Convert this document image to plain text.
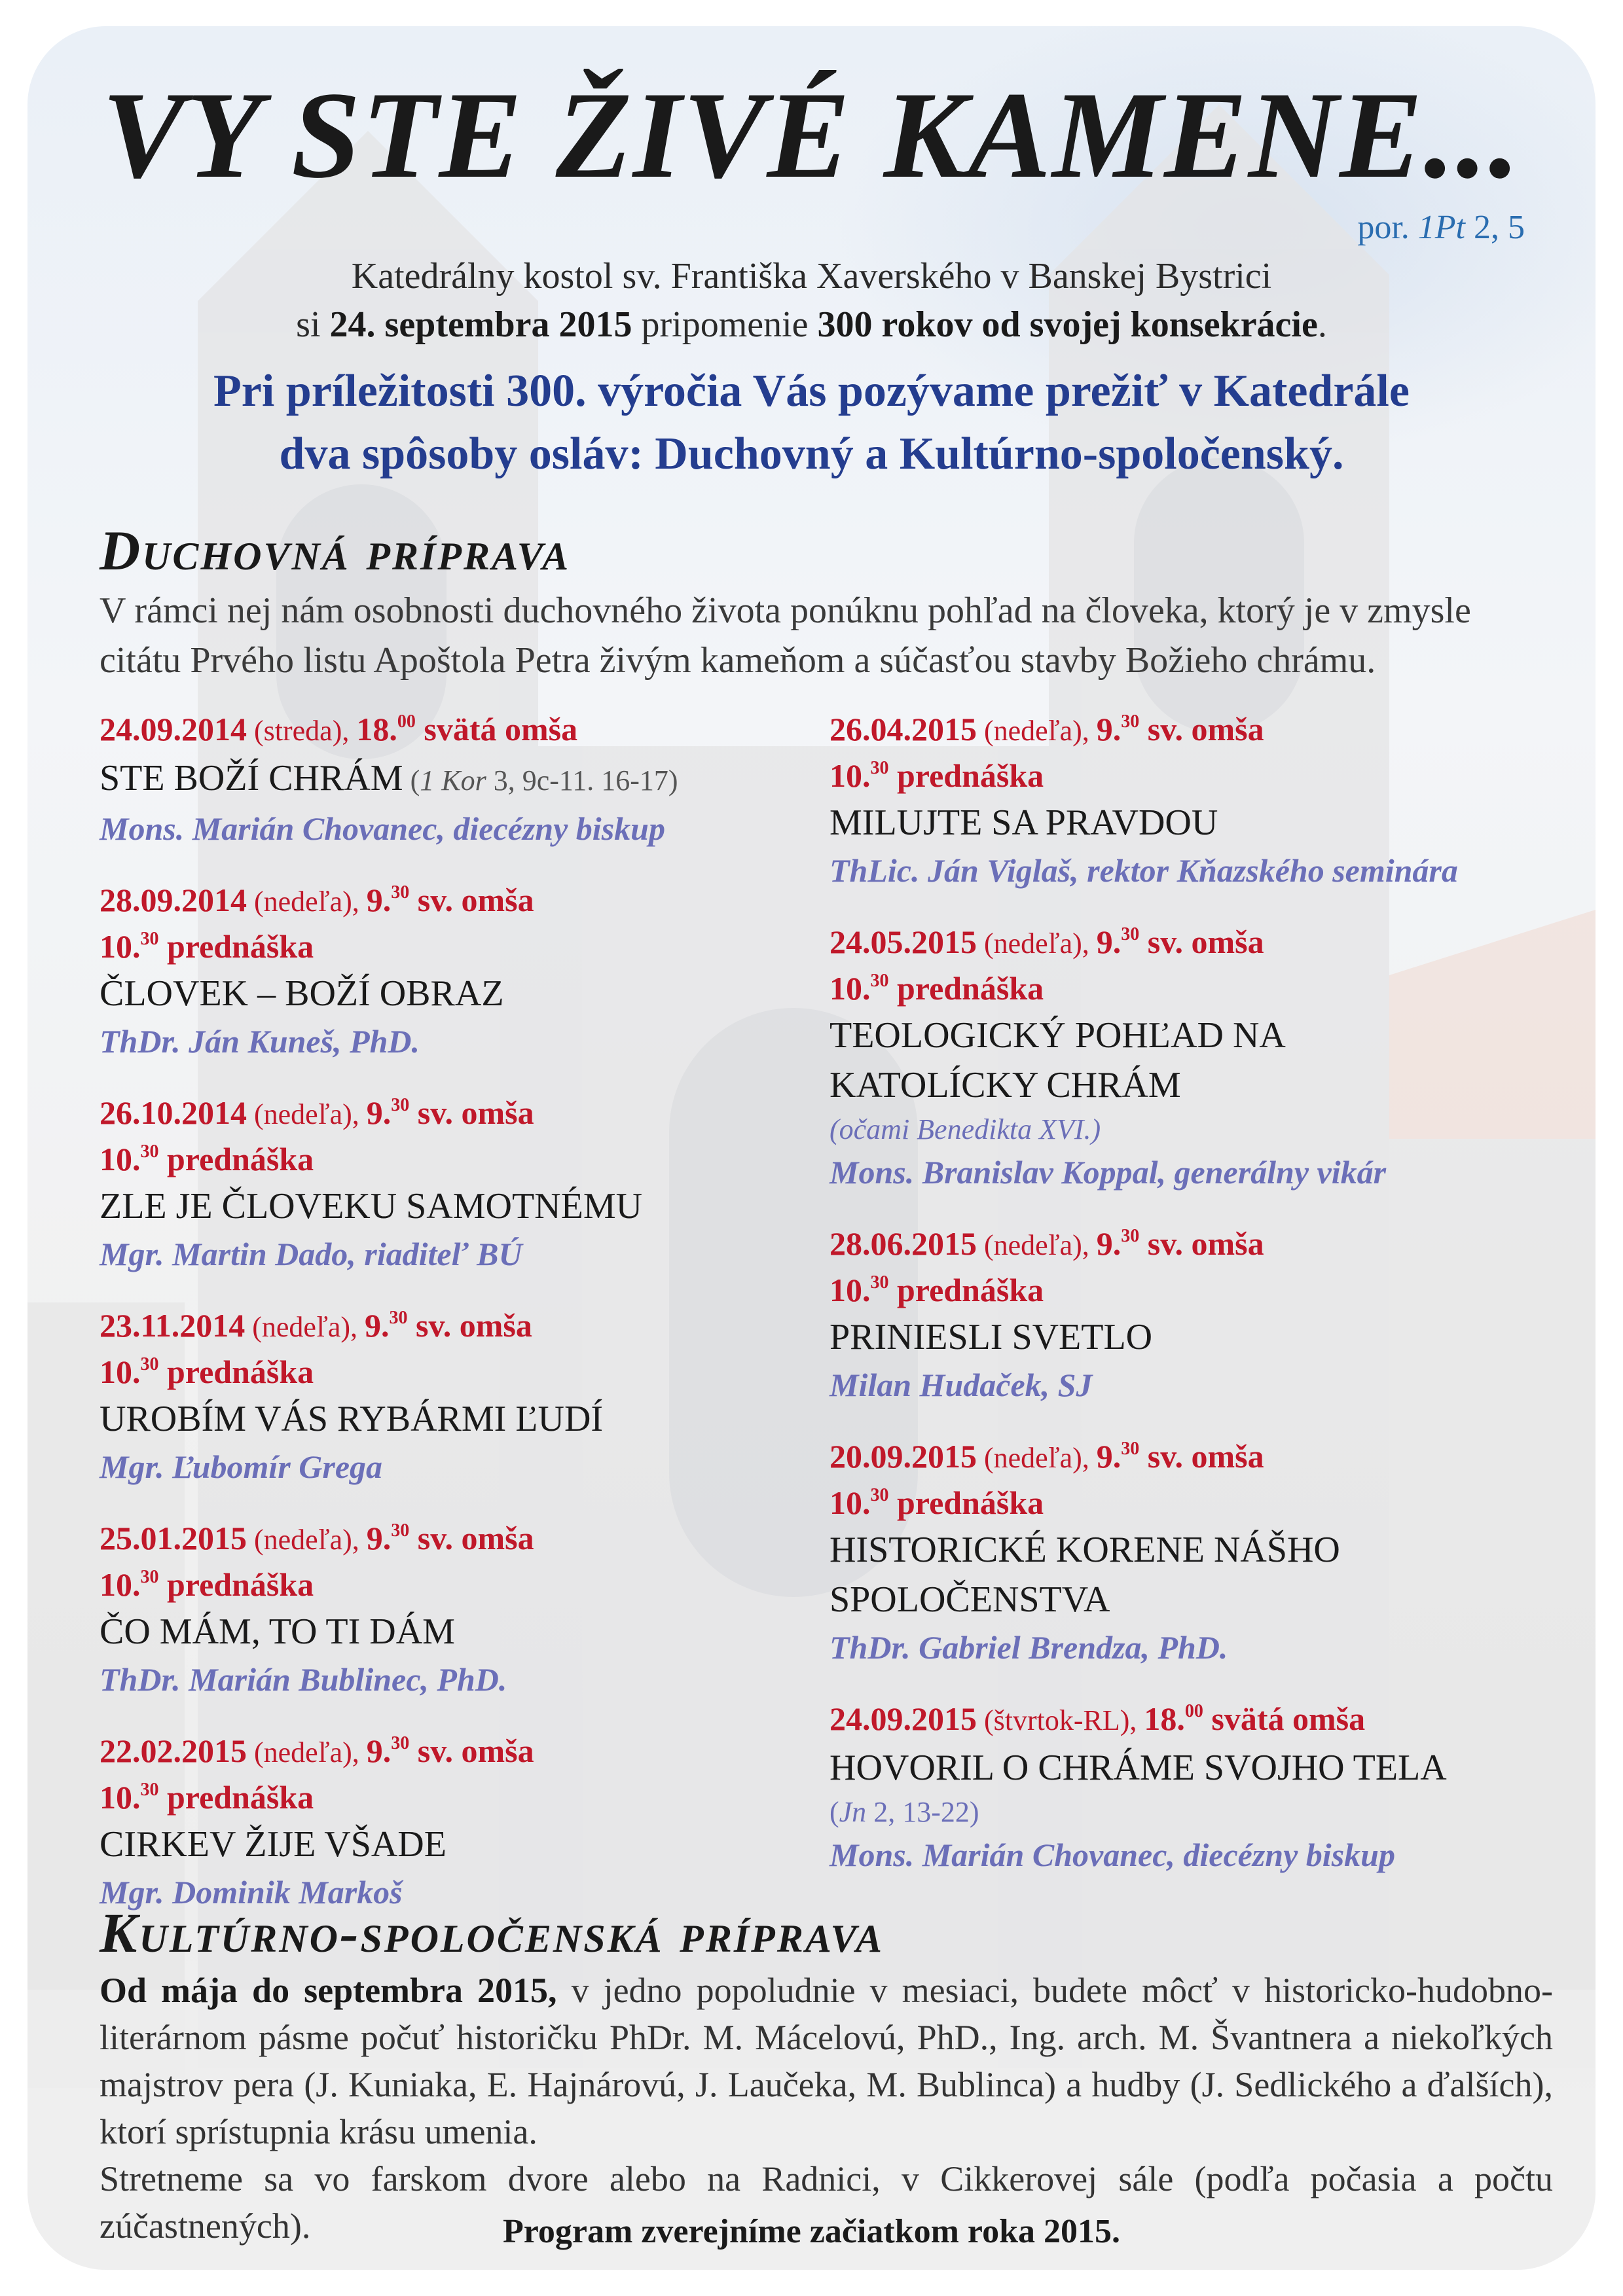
VY STE ŽIVÉ KAMENE...
por. 1Pt 2, 5
Katedrálny kostol sv. Františka Xaverského v Banskej Bystrici
si 24. septembra 2015 pripomenie 300 rokov od svojej konsekrácie.
Pri príležitosti 300. výročia Vás pozývame prežiť v Katedrále
dva spôsoby osláv: Duchovný a Kultúrno-spoločenský.
Duchovná príprava
V rámci nej nám osobnosti duchovného života ponúknu pohľad na človeka, ktorý je v zmysle
citátu Prvého listu Apoštola Petra živým kameňom a súčasťou stavby Božieho chrámu.
24.09.2014 (streda), 18.00 svätá omša
STE BOŽÍ CHRÁM (1 Kor 3, 9c-11. 16-17)
Mons. Marián Chovanec, diecézny biskup
28.09.2014 (nedeľa), 9.30 sv. omša
10.30 prednáška
ČLOVEK – BOŽÍ OBRAZ
ThDr. Ján Kuneš, PhD.
26.10.2014 (nedeľa), 9.30 sv. omša
10.30 prednáška
ZLE JE ČLOVEKU SAMOTNÉMU
Mgr. Martin Dado, riaditeľ BÚ
23.11.2014 (nedeľa), 9.30 sv. omša
10.30 prednáška
UROBÍM VÁS RYBÁRMI ĽUDÍ
Mgr. Ľubomír Grega
25.01.2015 (nedeľa), 9.30 sv. omša
10.30 prednáška
ČO MÁM, TO TI DÁM
ThDr. Marián Bublinec, PhD.
22.02.2015 (nedeľa), 9.30 sv. omša
10.30 prednáška
CIRKEV ŽIJE VŠADE
Mgr. Dominik Markoš
26.04.2015 (nedeľa), 9.30 sv. omša
10.30 prednáška
MILUJTE SA PRAVDOU
ThLic. Ján Viglaš, rektor Kňazského seminára
24.05.2015 (nedeľa), 9.30 sv. omša
10.30 prednáška
TEOLOGICKÝ POHĽAD NA
KATOLÍCKY CHRÁM
(očami Benedikta XVI.)
Mons. Branislav Koppal, generálny vikár
28.06.2015 (nedeľa), 9.30 sv. omša
10.30 prednáška
PRINIESLI SVETLO
Milan Hudaček, SJ
20.09.2015 (nedeľa), 9.30 sv. omša
10.30 prednáška
HISTORICKÉ KORENE NÁŠHO
SPOLOČENSTVA
ThDr. Gabriel Brendza, PhD.
24.09.2015 (štvrtok-RL), 18.00 svätá omša
HOVORIL O CHRÁME SVOJHO TELA
(Jn 2, 13-22)
Mons. Marián Chovanec, diecézny biskup
Kultúrno-spoločenská príprava
Od mája do septembra 2015, v jedno popoludnie v mesiaci, budete môcť v historicko-hudobno-literárnom pásme počuť historičku PhDr. M. Mácelovú, PhD., Ing. arch. M. Švantnera a niekoľkých majstrov pera (J. Kuniaka, E. Hajnárovú, J. Laučeka, M. Bublinca) a hudby (J. Sedlického a ďalších), ktorí sprístupnia krásu umenia.
Stretneme sa vo farskom dvore alebo na Radnici, v Cikkerovej sále (podľa počasia a počtu zúčastnených).	Program zverejníme začiatkom roka 2015.
